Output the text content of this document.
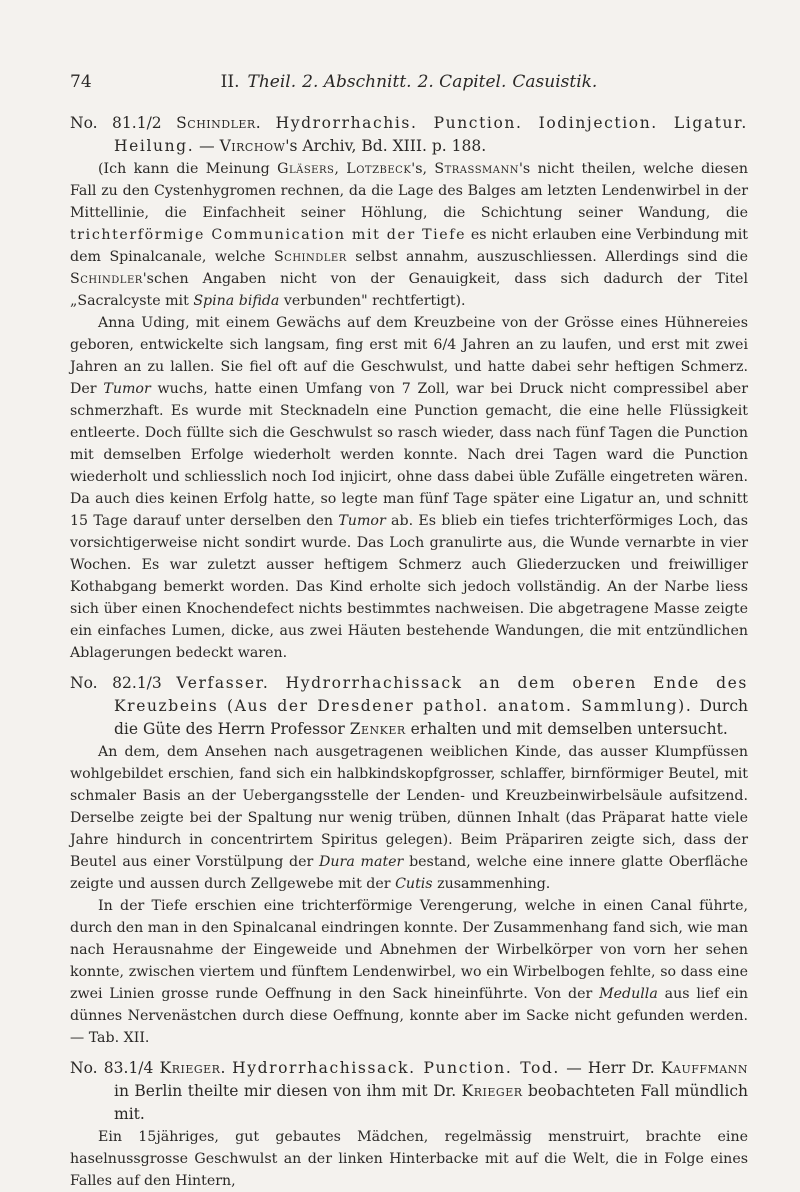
74	II. Theil. 2. Abschnitt. 2. Capitel. Casuistik.
No. 81.1/2 Schindler. Hydrorrhachis. Punction. Iodinjection. Ligatur. Heilung. — Virchow's Archiv, Bd. XIII. p. 188.

(Ich kann die Meinung Gläsers, Lotzbeck's, Strassmann's nicht theilen, welche diesen Fall zu den Cystenhygromen rechnen, da die Lage des Balges am letzten Lendenwirbel in der Mittellinie, die Einfachheit seiner Höhlung, die Schichtung seiner Wandung, die trichterförmige Communication mit der Tiefe es nicht erlauben eine Verbindung mit dem Spinalcanale, welche Schindler selbst annahm, auszuschliessen. Allerdings sind die Schindler'schen Angaben nicht von der Genauigkeit, dass sich dadurch der Titel „Sacralcyste mit Spina bifida verbunden" rechtfertigt).

Anna Uding, mit einem Gewächs auf dem Kreuzbeine von der Grösse eines Hühnereies geboren, entwickelte sich langsam, fing erst mit 6/4 Jahren an zu laufen, und erst mit zwei Jahren an zu lallen. Sie fiel oft auf die Geschwulst, und hatte dabei sehr heftigen Schmerz. Der Tumor wuchs, hatte einen Umfang von 7 Zoll, war bei Druck nicht compressibel aber schmerzhaft. Es wurde mit Stecknadeln eine Punction gemacht, die eine helle Flüssigkeit entleerte. Doch füllte sich die Geschwulst so rasch wieder, dass nach fünf Tagen die Punction mit demselben Erfolge wiederholt werden konnte. Nach drei Tagen ward die Punction wiederholt und schliesslich noch Iod injicirt, ohne dass dabei üble Zufälle eingetreten wären. Da auch dies keinen Erfolg hatte, so legte man fünf Tage später eine Ligatur an, und schnitt 15 Tage darauf unter derselben den Tumor ab. Es blieb ein tiefes trichterförmiges Loch, das vorsichtigerweise nicht sondirt wurde. Das Loch granulirte aus, die Wunde vernarbte in vier Wochen. Es war zuletzt ausser heftigem Schmerz auch Gliederzucken und freiwilliger Kothabgang bemerkt worden. Das Kind erholte sich jedoch vollständig. An der Narbe liess sich über einen Knochendefect nichts bestimmtes nachweisen. Die abgetragene Masse zeigte ein einfaches Lumen, dicke, aus zwei Häuten bestehende Wandungen, die mit entzündlichen Ablagerungen bedeckt waren.

No. 82.1/3 Verfasser. Hydrorrhachissack an dem oberen Ende des Kreuzbeins (Aus der Dresdener pathol. anatom. Sammlung). Durch die Güte des Herrn Professor Zenker erhalten und mit demselben untersucht.

An dem, dem Ansehen nach ausgetragenen weiblichen Kinde, das ausser Klumpfüssen wohlgebildet erschien, fand sich ein halbkindskopfgrosser, schlaffer, birnförmiger Beutel, mit schmaler Basis an der Uebergangsstelle der Lenden- und Kreuzbeinwirbelsäule aufsitzend. Derselbe zeigte bei der Spaltung nur wenig trüben, dünnen Inhalt (das Präparat hatte viele Jahre hindurch in concentrirtem Spiritus gelegen). Beim Präpariren zeigte sich, dass der Beutel aus einer Vorstülpung der Dura mater bestand, welche eine innere glatte Oberfläche zeigte und aussen durch Zellgewebe mit der Cutis zusammenhing.

In der Tiefe erschien eine trichterförmige Verengerung, welche in einen Canal führte, durch den man in den Spinalcanal eindringen konnte. Der Zusammenhang fand sich, wie man nach Herausnahme der Eingeweide und Abnehmen der Wirbelkörper von vorn her sehen konnte, zwischen viertem und fünftem Lendenwirbel, wo ein Wirbelbogen fehlte, so dass eine zwei Linien grosse runde Oeffnung in den Sack hineinführte. Von der Medulla aus lief ein dünnes Nervenästchen durch diese Oeffnung, konnte aber im Sacke nicht gefunden werden. — Tab. XII.

No. 83.1/4 Krieger. Hydrorrhachissack. Punction. Tod. — Herr Dr. Kauffmann in Berlin theilte mir diesen von ihm mit Dr. Krieger beobachteten Fall mündlich mit.

Ein 15jähriges, gut gebautes Mädchen, regelmässig menstruirt, brachte eine haselnussgrosse Geschwulst an der linken Hinterbacke mit auf die Welt, die in Folge eines Falles auf den Hintern,
